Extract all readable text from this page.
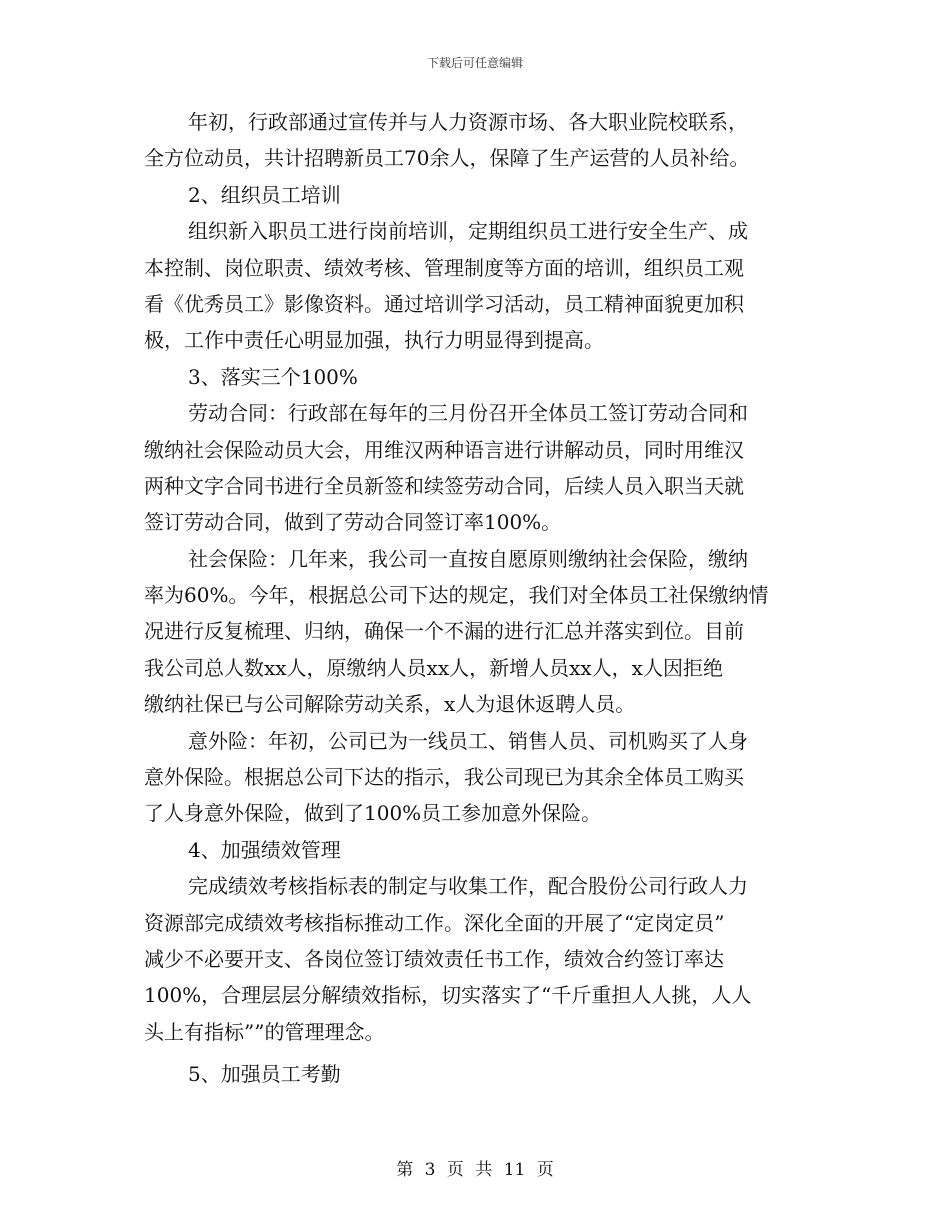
下载后可任意编辑
年初，行政部通过宣传并与人力资源市场、各大职业院校联系，
全方位动员，共计招聘新员工70余人，保障了生产运营的人员补给。
2、组织员工培训
组织新入职员工进行岗前培训，定期组织员工进行安全生产、成
本控制、岗位职责、绩效考核、管理制度等方面的培训，组织员工观
看《优秀员工》影像资料。通过培训学习活动，员工精神面貌更加积
极，工作中责任心明显加强，执行力明显得到提高。
3、落实三个100%
劳动合同：行政部在每年的三月份召开全体员工签订劳动合同和
缴纳社会保险动员大会，用维汉两种语言进行讲解动员，同时用维汉
两种文字合同书进行全员新签和续签劳动合同，后续人员入职当天就
签订劳动合同，做到了劳动合同签订率100%。
社会保险：几年来，我公司一直按自愿原则缴纳社会保险，缴纳
率为60%。今年，根据总公司下达的规定，我们对全体员工社保缴纳情
况进行反复梳理、归纳，确保一个不漏的进行汇总并落实到位。目前
我公司总人数xx人，原缴纳人员xx人，新增人员xx人，x人因拒绝
缴纳社保已与公司解除劳动关系，x人为退休返聘人员。
意外险：年初，公司已为一线员工、销售人员、司机购买了人身
意外保险。根据总公司下达的指示，我公司现已为其余全体员工购买
了人身意外保险，做到了100%员工参加意外保险。
4、加强绩效管理
完成绩效考核指标表的制定与收集工作，配合股份公司行政人力
资源部完成绩效考核指标推动工作。深化全面的开展了“定岗定员”
减少不必要开支、各岗位签订绩效责任书工作，绩效合约签订率达
100%，合理层层分解绩效指标，切实落实了“千斤重担人人挑，人人
头上有指标””的管理理念。
5、加强员工考勤
第 3 页 共 11 页
